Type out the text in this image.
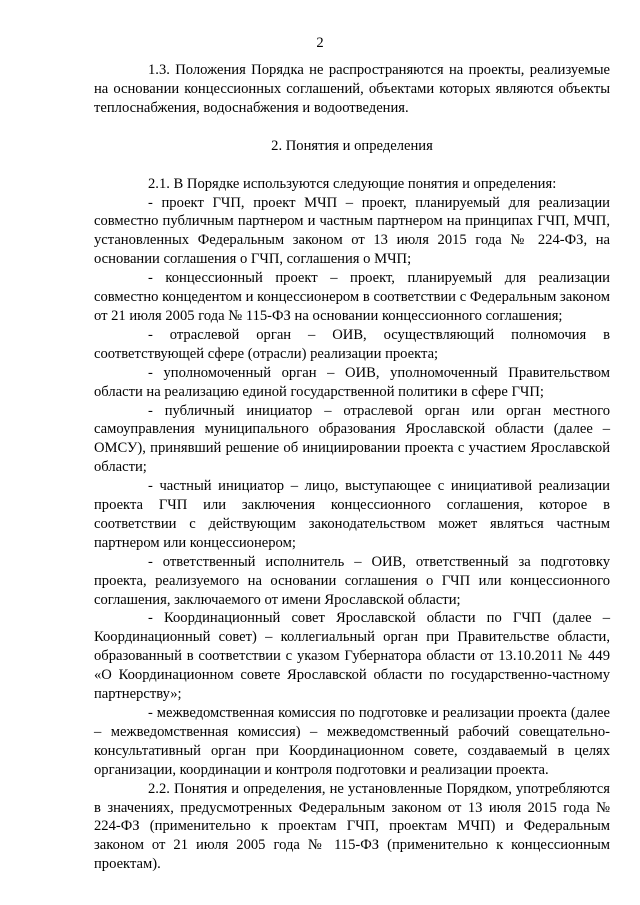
2

1.3. Положения Порядка не распространяются на проекты, реализуемые на основании концессионных соглашений, объектами которых являются объекты теплоснабжения, водоснабжения и водоотведения.

2. Понятия и определения

2.1. В Порядке используются следующие понятия и определения:

- проект ГЧП, проект МЧП – проект, планируемый для реализации совместно публичным партнером и частным партнером на принципах ГЧП, МЧП, установленных Федеральным законом от 13 июля 2015 года № 224-ФЗ, на основании соглашения о ГЧП, соглашения о МЧП;

- концессионный проект – проект, планируемый для реализации совместно концедентом и концессионером в соответствии с Федеральным законом от 21 июля 2005 года № 115-ФЗ на основании концессионного соглашения;

- отраслевой орган – ОИВ, осуществляющий полномочия в соответствующей сфере (отрасли) реализации проекта;

- уполномоченный орган – ОИВ, уполномоченный Правительством области на реализацию единой государственной политики в сфере ГЧП;

- публичный инициатор – отраслевой орган или орган местного самоуправления муниципального образования Ярославской области (далее – ОМСУ), принявший решение об инициировании проекта с участием Ярославской области;

- частный инициатор – лицо, выступающее с инициативой реализации проекта ГЧП или заключения концессионного соглашения, которое в соответствии с действующим законодательством может являться частным партнером или концессионером;

- ответственный исполнитель – ОИВ, ответственный за подготовку проекта, реализуемого на основании соглашения о ГЧП или концессионного соглашения, заключаемого от имени Ярославской области;

- Координационный совет Ярославской области по ГЧП (далее – Координационный совет) – коллегиальный орган при Правительстве области, образованный в соответствии с указом Губернатора области от 13.10.2011 № 449 «О Координационном совете Ярославской области по государственно-частному партнерству»;

- межведомственная комиссия по подготовке и реализации проекта (далее – межведомственная комиссия) – межведомственный рабочий совещательно-консультативный орган при Координационном совете, создаваемый в целях организации, координации и контроля подготовки и реализации проекта.

2.2. Понятия и определения, не установленные Порядком, употребляются в значениях, предусмотренных Федеральным законом от 13 июля 2015 года № 224-ФЗ (применительно к проектам ГЧП, проектам МЧП) и Федеральным законом от 21 июля 2005 года № 115-ФЗ (применительно к концессионным проектам).
